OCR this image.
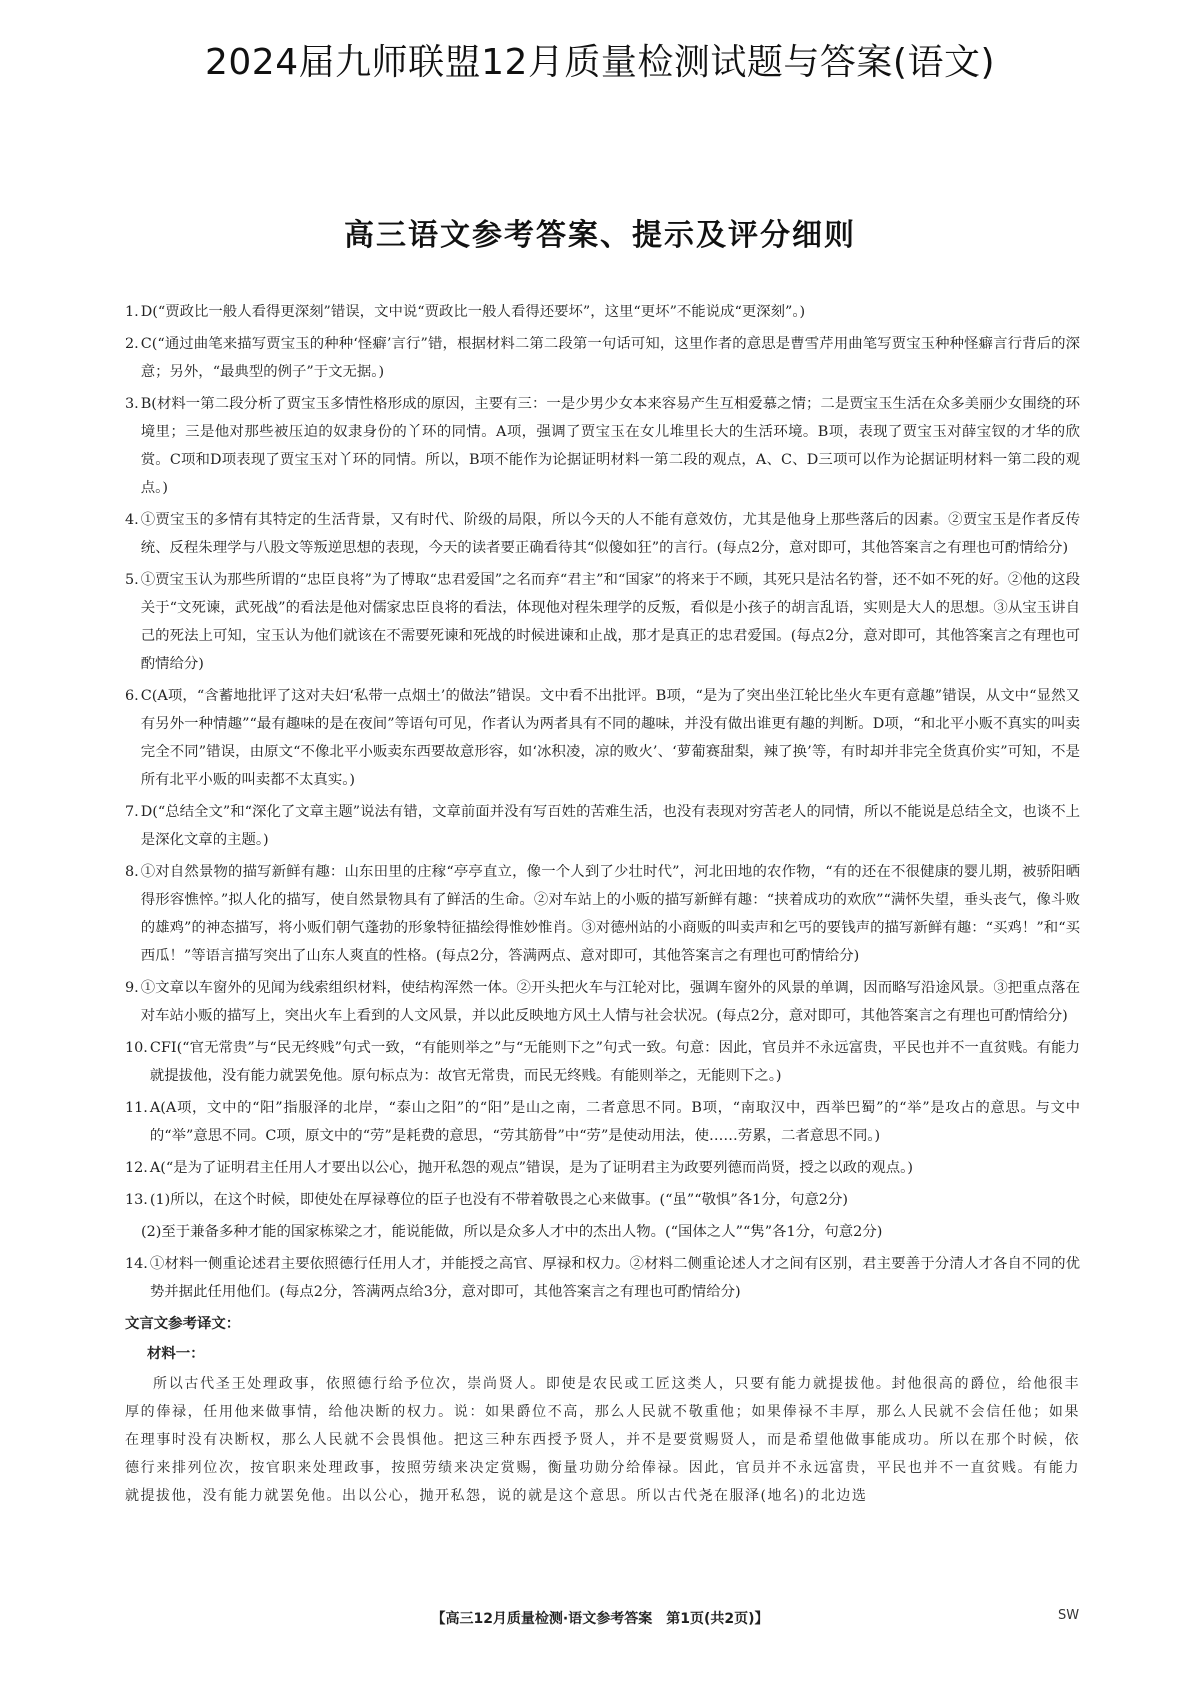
2024届九师联盟12月质量检测试题与答案(语文)
高三语文参考答案、提示及评分细则
1. D(“贾政比一般人看得更深刻”错误，文中说“贾政比一般人看得还要坏”，这里“更坏”不能说成“更深刻”。)
2. C(“通过曲笔来描写贾宝玉的种种‘怪癖’言行”错，根据材料二第二段第一句话可知，这里作者的意思是曹雪芹用曲笔写贾宝玉种种怪癖言行背后的深意；另外，“最典型的例子”于文无据。)
3. B(材料一第二段分析了贾宝玉多情性格形成的原因，主要有三：一是少男少女本来容易产生互相爱慕之情；二是贾宝玉生活在众多美丽少女围绕的环境里；三是他对那些被压迫的奴隶身份的丫环的同情。A项，强调了贾宝玉在女儿堆里长大的生活环境。B项，表现了贾宝玉对薛宝钗的才华的欣赏。C项和D项表现了贾宝玉对丫环的同情。所以，B项不能作为论据证明材料一第二段的观点，A、C、D三项可以作为论据证明材料一第二段的观点。)
4. ①贾宝玉的多情有其特定的生活背景，又有时代、阶级的局限，所以今天的人不能有意效仿，尤其是他身上那些落后的因素。②贾宝玉是作者反传统、反程朱理学与八股文等叛逆思想的表现，今天的读者要正确看待其“似傻如狂”的言行。(每点2分，意对即可，其他答案言之有理也可酌情给分)
5. ①贾宝玉认为那些所谓的“忠臣良将”为了博取“忠君爱国”之名而弃“君主”和“国家”的将来于不顾，其死只是沽名钓誉，还不如不死的好。②他的这段关于“文死谏，武死战”的看法是他对儒家忠臣良将的看法，体现他对程朱理学的反叛，看似是小孩子的胡言乱语，实则是大人的思想。③从宝玉讲自己的死法上可知，宝玉认为他们就该在不需要死谏和死战的时候进谏和止战，那才是真正的忠君爱国。(每点2分，意对即可，其他答案言之有理也可酌情给分)
6. C(A项，“含蓄地批评了这对夫妇‘私带一点烟土’的做法”错误。文中看不出批评。B项，“是为了突出坐江轮比坐火车更有意趣”错误，从文中“显然又有另外一种情趣”“最有趣味的是在夜间”等语句可见，作者认为两者具有不同的趣味，并没有做出谁更有趣的判断。D项，“和北平小贩不真实的叫卖完全不同”错误，由原文“不像北平小贩卖东西要故意形容，如‘冰积凌，凉的败火’、‘萝葡赛甜梨，辣了换’等，有时却并非完全货真价实”可知，不是所有北平小贩的叫卖都不太真实。)
7. D(“总结全文”和“深化了文章主题”说法有错，文章前面并没有写百姓的苦难生活，也没有表现对穷苦老人的同情，所以不能说是总结全文，也谈不上是深化文章的主题。)
8. ①对自然景物的描写新鲜有趣：山东田里的庄稼“亭亭直立，像一个人到了少壮时代”，河北田地的农作物，“有的还在不很健康的婴儿期，被骄阳晒得形容憔悴。”拟人化的描写，使自然景物具有了鲜活的生命。②对车站上的小贩的描写新鲜有趣：“挟着成功的欢欣”“满怀失望，垂头丧气，像斗败的雄鸡”的神态描写，将小贩们朝气蓬勃的形象特征描绘得惟妙惟肖。③对德州站的小商贩的叫卖声和乞丐的要钱声的描写新鲜有趣：“买鸡！”和“买西瓜！”等语言描写突出了山东人爽直的性格。(每点2分，答满两点、意对即可，其他答案言之有理也可酌情给分)
9. ①文章以车窗外的见闻为线索组织材料，使结构浑然一体。②开头把火车与江轮对比，强调车窗外的风景的单调，因而略写沿途风景。③把重点落在对车站小贩的描写上，突出火车上看到的人文风景，并以此反映地方风土人情与社会状况。(每点2分，意对即可，其他答案言之有理也可酌情给分)
10. CFI(“官无常贵”与“民无终贱”句式一致，“有能则举之”与“无能则下之”句式一致。句意：因此，官员并不永远富贵，平民也并不一直贫贱。有能力就提拔他，没有能力就罢免他。原句标点为：故官无常贵，而民无终贱。有能则举之，无能则下之。)
11. A(A项，文中的“阳”指服泽的北岸，“泰山之阳”的“阳”是山之南，二者意思不同。B项，“南取汉中，西举巴蜀”的“举”是攻占的意思。与文中的“举”意思不同。C项，原文中的“劳”是耗费的意思，“劳其筋骨”中“劳”是使动用法，使……劳累，二者意思不同。)
12. A(“是为了证明君主任用人才要出以公心，抛开私怨的观点”错误，是为了证明君主为政要列德而尚贤，授之以政的观点。)
13. (1)所以，在这个时候，即使处在厚禄尊位的臣子也没有不带着敬畏之心来做事。(“虽”“敬惧”各1分，句意2分)
(2)至于兼备多种才能的国家栋梁之才，能说能做，所以是众多人才中的杰出人物。(“国体之人”“隽”各1分，句意2分)
14. ①材料一侧重论述君主要依照德行任用人才，并能授之高官、厚禄和权力。②材料二侧重论述人才之间有区别，君主要善于分清人才各自不同的优势并据此任用他们。(每点2分，答满两点给3分，意对即可，其他答案言之有理也可酌情给分)
文言文参考译文：
材料一：
所以古代圣王处理政事，依照德行给予位次，崇尚贤人。即使是农民或工匠这类人，只要有能力就提拔他。封他很高的爵位，给他很丰厚的俸禄，任用他来做事情，给他决断的权力。说：如果爵位不高，那么人民就不敬重他；如果俸禄不丰厚，那么人民就不会信任他；如果在理事时没有决断权，那么人民就不会畏惧他。把这三种东西授予贤人，并不是要赏赐贤人，而是希望他做事能成功。所以在那个时候，依德行来排列位次，按官职来处理政事，按照劳绩来决定赏赐，衡量功勋分给俸禄。因此，官员并不永远富贵，平民也并不一直贫贱。有能力就提拔他，没有能力就罢免他。出以公心，抛开私怨，说的就是这个意思。所以古代尧在服泽(地名)的北边选
【高三12月质量检测·语文参考答案　第1页(共2页)】	SW
